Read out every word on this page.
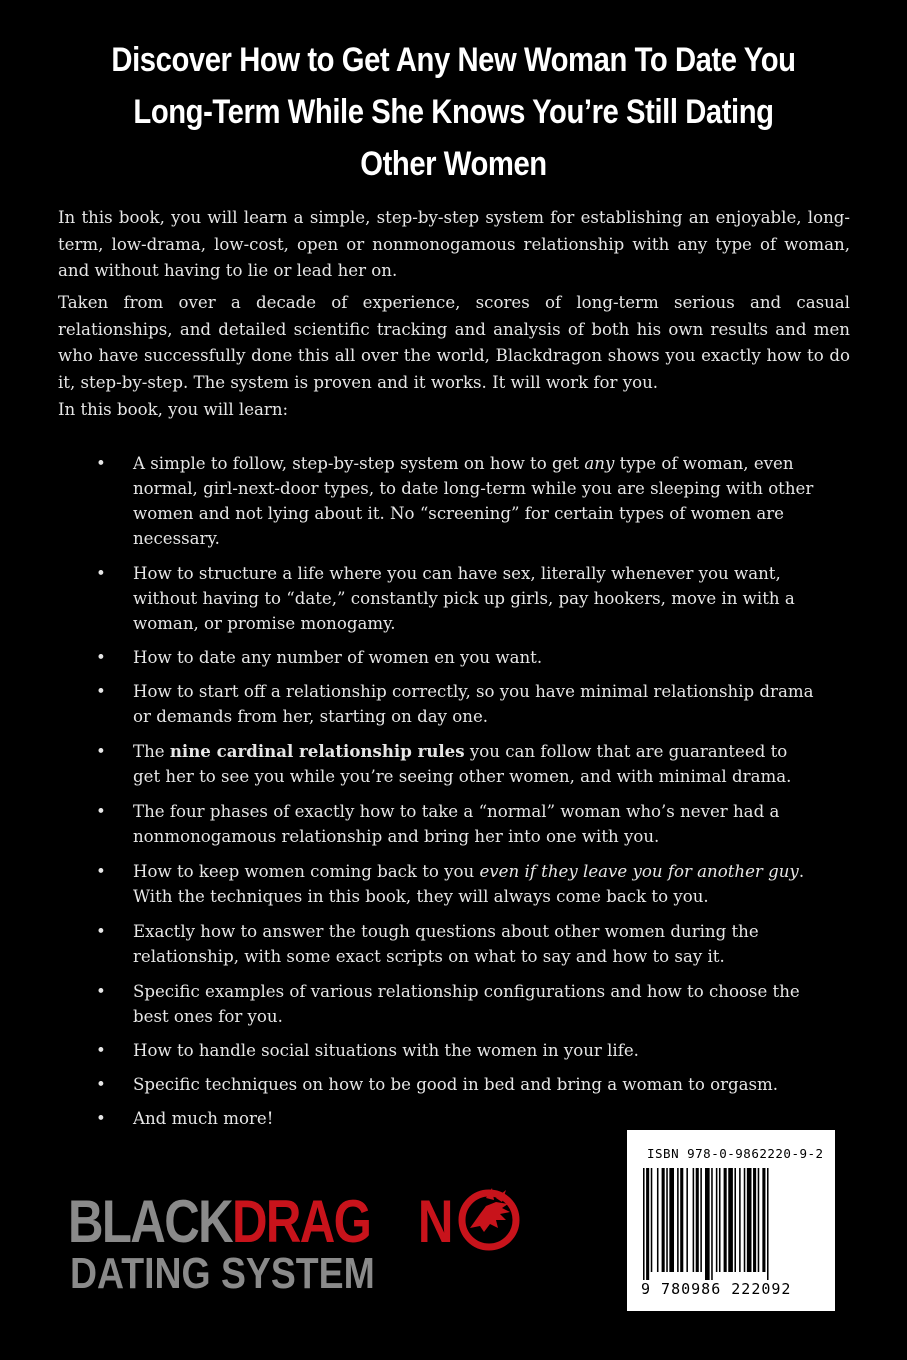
Discover How to Get Any New Woman To Date You
Long-Term While She Knows You’re Still Dating
Other Women

In this book, you will learn a simple, step-by-step system for establishing an enjoyable, long-term, low-drama, low-cost, open or nonmonogamous relationship with any type of woman, and without having to lie or lead her on.

Taken from over a decade of experience, scores of long-term serious and casual relationships, and detailed scientific tracking and analysis of both his own results and men who have successfully done this all over the world, Blackdragon shows you exactly how to do it, step-by-step. The system is proven and it works. It will work for you.

In this book, you will learn:

• A simple to follow, step-by-step system on how to get any type of woman, even normal, girl-next-door types, to date long-term while you are sleeping with other women and not lying about it. No “screening” for certain types of women are necessary.
• How to structure a life where you can have sex, literally whenever you want, without having to “date,” constantly pick up girls, pay hookers, move in with a woman, or promise monogamy.
• How to date any number of women en you want.
• How to start off a relationship correctly, so you have minimal relationship drama or demands from her, starting on day one.
• The nine cardinal relationship rules you can follow that are guaranteed to get her to see you while you’re seeing other women, and with minimal drama.
• The four phases of exactly how to take a “normal” woman who’s never had a nonmonogamous relationship and bring her into one with you.
• How to keep women coming back to you even if they leave you for another guy. With the techniques in this book, they will always come back to you.
• Exactly how to answer the tough questions about other women during the relationship, with some exact scripts on what to say and how to say it.
• Specific examples of various relationship configurations and how to choose the best ones for you.
• How to handle social situations with the women in your life.
• Specific techniques on how to be good in bed and bring a woman to orgasm.
• And much more!
BLACKDRAG N
DATING SYSTEM
ISBN 978-0-9862220-9-2
9 780986 222092
